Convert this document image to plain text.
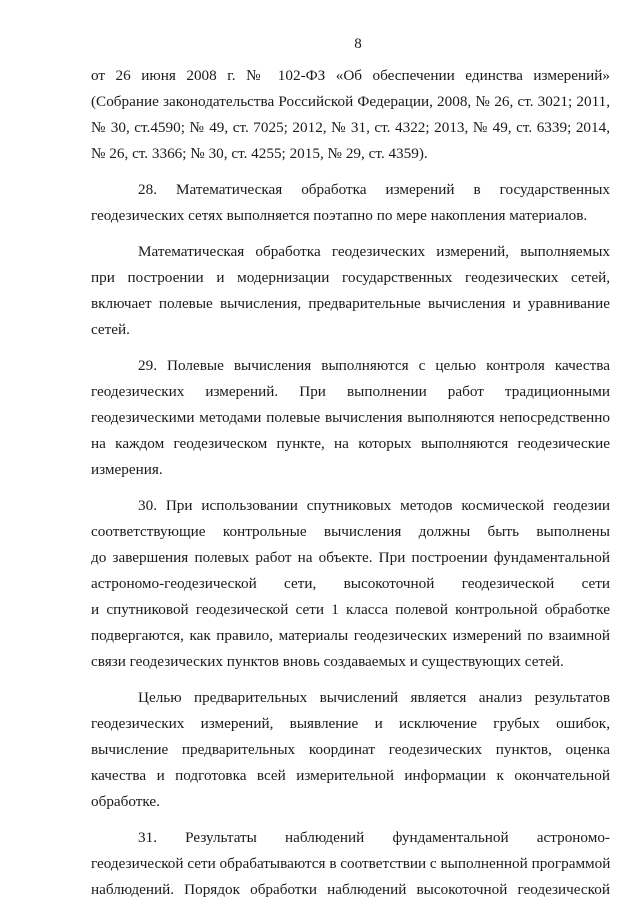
8
от 26 июня 2008 г. № 102-ФЗ «Об обеспечении единства измерений»
(Собрание законодательства Российской Федерации, 2008, № 26, ст. 3021; 2011,
№ 30, ст.4590; № 49, ст. 7025; 2012, № 31, ст. 4322; 2013, № 49, ст. 6339; 2014,
№ 26, ст. 3366; № 30, ст. 4255; 2015, № 29, ст. 4359).
28. Математическая обработка измерений в государственных
геодезических сетях выполняется поэтапно по мере накопления материалов.
Математическая обработка геодезических измерений, выполняемых
при построении и модернизации государственных геодезических сетей,
включает полевые вычисления, предварительные вычисления и уравнивание
сетей.
29. Полевые вычисления выполняются с целью контроля качества
геодезических измерений. При выполнении работ традиционными
геодезическими методами полевые вычисления выполняются непосредственно
на каждом геодезическом пункте, на которых выполняются геодезические
измерения.
30. При использовании спутниковых методов космической геодезии
соответствующие контрольные вычисления должны быть выполнены
до завершения полевых работ на объекте. При построении фундаментальной
астрономо-геодезической сети, высокоточной геодезической сети
и спутниковой геодезической сети 1 класса полевой контрольной обработке
подвергаются, как правило, материалы геодезических измерений по взаимной
связи геодезических пунктов вновь создаваемых и существующих сетей.
Целью предварительных вычислений является анализ результатов
геодезических измерений, выявление и исключение грубых ошибок,
вычисление предварительных координат геодезических пунктов, оценка
качества и подготовка всей измерительной информации к окончательной
обработке.
31. Результаты наблюдений фундаментальной астрономо-
геодезической сети обрабатываются в соответствии с выполненной программой
наблюдений. Порядок обработки наблюдений высокоточной геодезической
